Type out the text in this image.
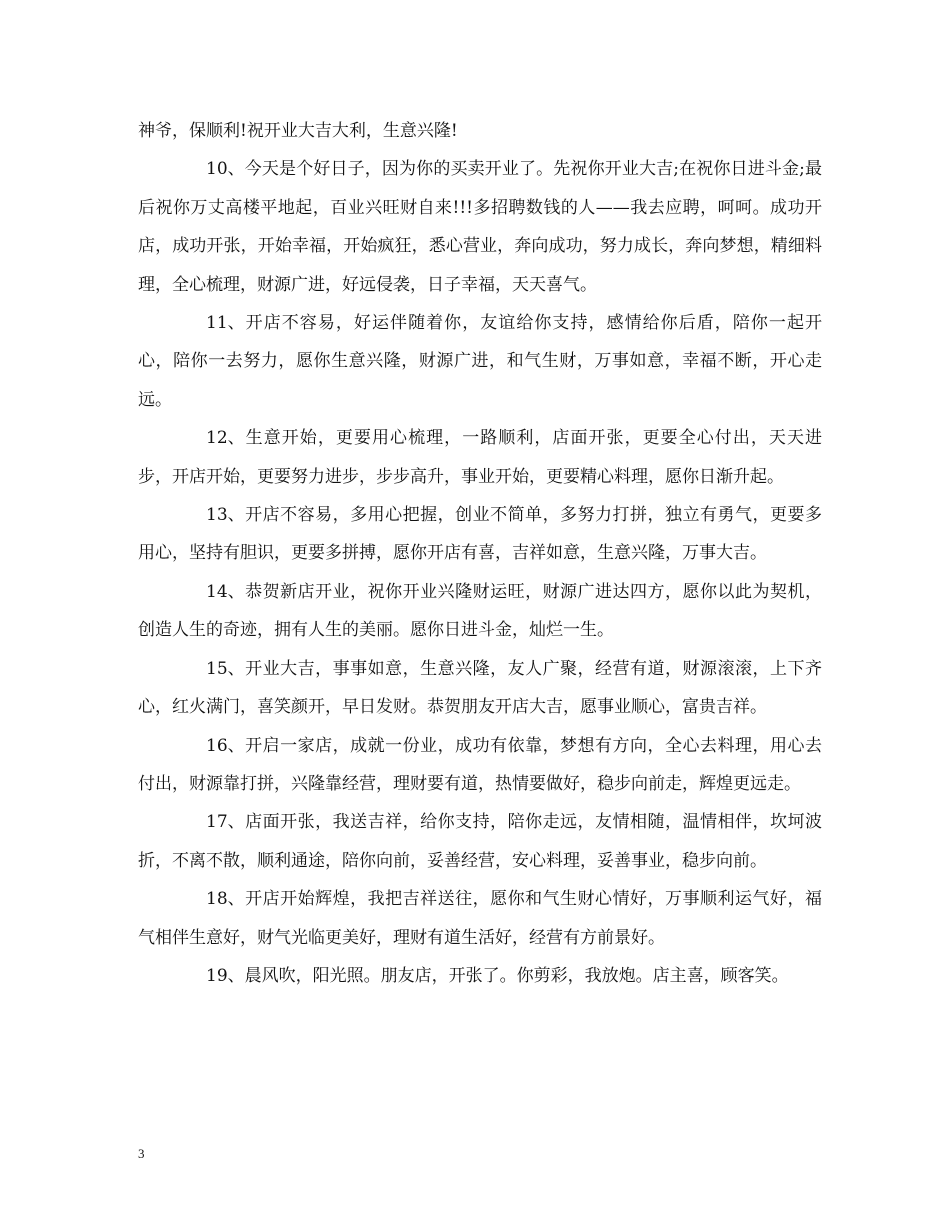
神爷，保顺利!祝开业大吉大利，生意兴隆!

10、今天是个好日子，因为你的买卖开业了。先祝你开业大吉;在祝你日进斗金;最后祝你万丈高楼平地起，百业兴旺财自来!!!多招聘数钱的人——我去应聘，呵呵。成功开店，成功开张，开始幸福，开始疯狂，悉心营业，奔向成功，努力成长，奔向梦想，精细料理，全心梳理，财源广进，好远侵袭，日子幸福，天天喜气。

11、开店不容易，好运伴随着你，友谊给你支持，感情给你后盾，陪你一起开心，陪你一去努力，愿你生意兴隆，财源广进，和气生财，万事如意，幸福不断，开心走远。

12、生意开始，更要用心梳理，一路顺利，店面开张，更要全心付出，天天进步，开店开始，更要努力进步，步步高升，事业开始，更要精心料理，愿你日渐升起。

13、开店不容易，多用心把握，创业不简单，多努力打拼，独立有勇气，更要多用心，坚持有胆识，更要多拼搏，愿你开店有喜，吉祥如意，生意兴隆，万事大吉。

14、恭贺新店开业，祝你开业兴隆财运旺，财源广进达四方，愿你以此为契机，创造人生的奇迹，拥有人生的美丽。愿你日进斗金，灿烂一生。

15、开业大吉，事事如意，生意兴隆，友人广聚，经营有道，财源滚滚，上下齐心，红火满门，喜笑颜开，早日发财。恭贺朋友开店大吉，愿事业顺心，富贵吉祥。

16、开启一家店，成就一份业，成功有依靠，梦想有方向，全心去料理，用心去付出，财源靠打拼，兴隆靠经营，理财要有道，热情要做好，稳步向前走，辉煌更远走。

17、店面开张，我送吉祥，给你支持，陪你走远，友情相随，温情相伴，坎坷波折，不离不散，顺利通途，陪你向前，妥善经营，安心料理，妥善事业，稳步向前。

18、开店开始辉煌，我把吉祥送往，愿你和气生财心情好，万事顺利运气好，福气相伴生意好，财气光临更美好，理财有道生活好，经营有方前景好。

19、晨风吹，阳光照。朋友店，开张了。你剪彩，我放炮。店主喜，顾客笑。

3
